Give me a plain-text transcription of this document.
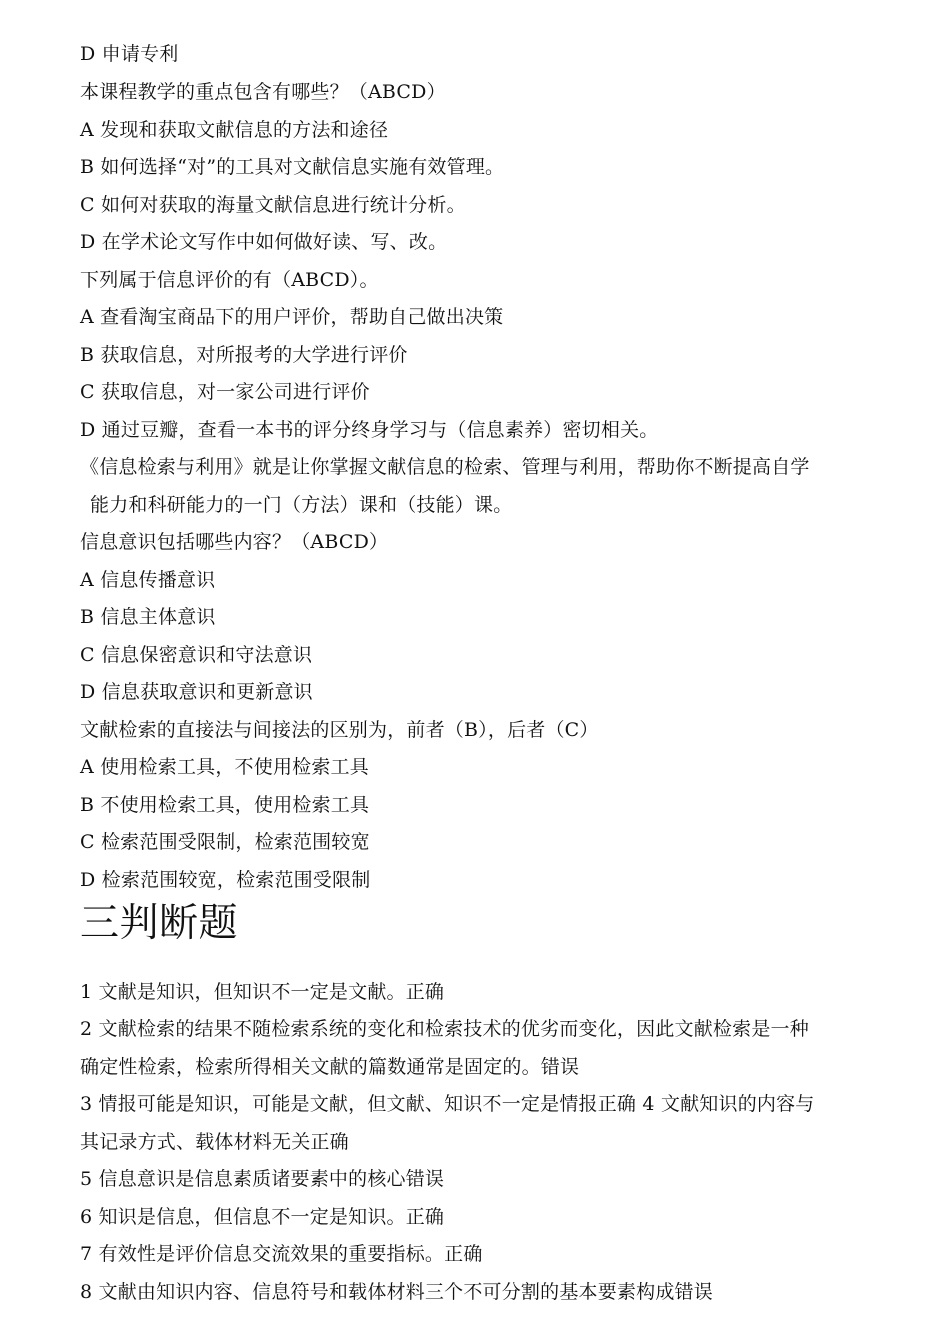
D 申请专利
本课程教学的重点包含有哪些？（ABCD）
A 发现和获取文献信息的方法和途径
B 如何选择“对”的工具对文献信息实施有效管理。
C 如何对获取的海量文献信息进行统计分析。
D 在学术论文写作中如何做好读、写、改。
下列属于信息评价的有（ABCD）。
A 查看淘宝商品下的用户评价，帮助自己做出决策
B 获取信息，对所报考的大学进行评价
C 获取信息，对一家公司进行评价
D 通过豆瓣，查看一本书的评分终身学习与（信息素养）密切相关。
《信息检索与利用》就是让你掌握文献信息的检索、管理与利用，帮助你不断提高自学
能力和科研能力的一门（方法）课和（技能）课。
信息意识包括哪些内容？（ABCD）
A 信息传播意识
B 信息主体意识
C 信息保密意识和守法意识
D 信息获取意识和更新意识
文献检索的直接法与间接法的区别为，前者（B），后者（C）
A 使用检索工具，不使用检索工具
B 不使用检索工具，使用检索工具
C 检索范围受限制，检索范围较宽
D 检索范围较宽，检索范围受限制
三判断题
1 文献是知识，但知识不一定是文献。正确
2 文献检索的结果不随检索系统的变化和检索技术的优劣而变化，因此文献检索是一种
确定性检索，检索所得相关文献的篇数通常是固定的。错误
3 情报可能是知识，可能是文献，但文献、知识不一定是情报正确 4 文献知识的内容与
其记录方式、载体材料无关正确
5 信息意识是信息素质诸要素中的核心错误
6 知识是信息，但信息不一定是知识。正确
7 有效性是评价信息交流效果的重要指标。正确
8 文献由知识内容、信息符号和载体材料三个不可分割的基本要素构成错误
